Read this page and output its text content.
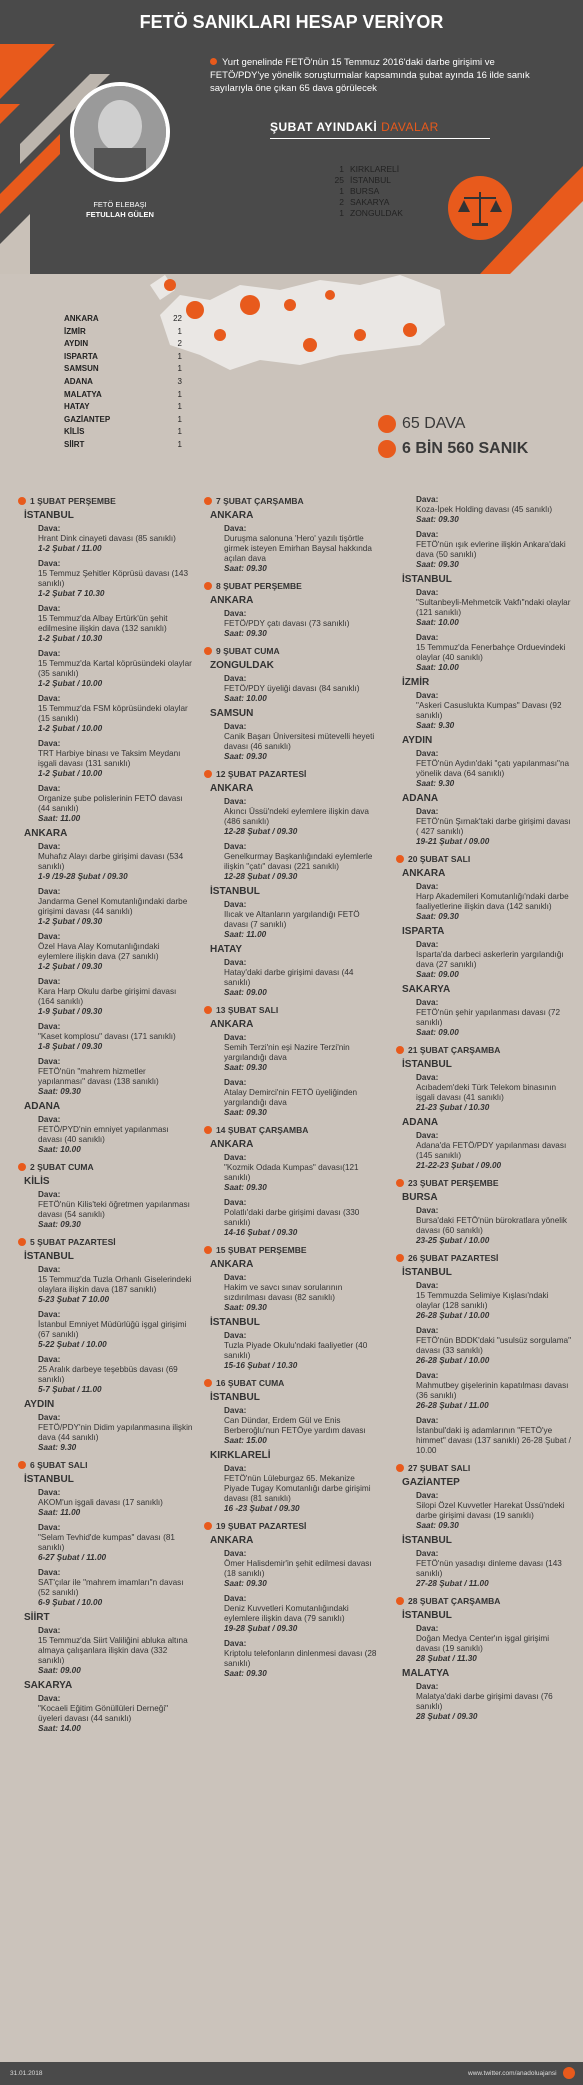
FETÖ SANIKLARI HESAP VERİYOR
Yurt genelinde FETÖ'nün 15 Temmuz 2016'daki darbe girişimi ve FETÖ/PDY'ye yönelik soruşturmalar kapsamında şubat ayında 16 ilde sanık sayılarıyla öne çıkan 65 dava görülecek
FETÖ ELEBAŞI
FETULLAH GÜLEN
ŞUBAT AYINDAKİ DAVALAR
1 KIRKLARELİ
25 İSTANBUL
1 BURSA
2 SAKARYA
1 ZONGULDAK
ANKARA	22
İZMİR	1
AYDIN	2
ISPARTA	1
SAMSUN	1
ADANA	3
MALATYA	1
HATAY	1
GAZİANTEP	1
KİLİS	1
SİİRT	1
65 DAVA
6 BİN 560 SANIK
1 ŞUBAT PERŞEMBE
İSTANBUL
Dava:
Hrant Dink cinayeti davası (85 sanıklı)
1-2 Şubat / 11.00
Dava:
15 Temmuz Şehitler Köprüsü davası (143 sanıklı)
1-2 Şubat 7 10.30
Dava:
15 Temmuz'da Albay Ertürk'ün şehit edilmesine ilişkin dava (132 sanıklı)
1-2 Şubat / 10.30
Dava:
15 Temmuz'da Kartal köprüsündeki olaylar (35 sanıklı)
1-2 Şubat / 10.00
Dava:
15 Temmuz'da FSM köprüsündeki olaylar (15 sanıklı)
1-2 Şubat / 10.00
Dava:
TRT Harbiye binası ve Taksim Meydanı işgali davası (131 sanıklı)
1-2 Şubat / 10.00
Dava:
Organize şube polislerinin FETÖ davası (44 sanıklı)
Saat: 11.00
ANKARA
Dava:
Muhafız Alayı darbe girişimi davası (534 sanıklı)
1-9 /19-28 Şubat / 09.30
Dava:
Jandarma Genel Komutanlığındaki darbe girişimi davası (44 sanıklı)
1-2 Şubat / 09.30
Dava:
Özel Hava Alay Komutanlığındaki eylemlere ilişkin dava (27 sanıklı)
1-2 Şubat / 09.30
Dava:
Kara Harp Okulu darbe girişimi davası (164 sanıklı)
1-9 Şubat / 09.30
Dava:
"Kaset komplosu" davası (171 sanıklı)
1-8 Şubat / 09.30
Dava:
FETÖ'nün "mahrem hizmetler yapılanması" davası (138 sanıklı)
Saat: 09.30
ADANA
Dava:
FETÖ/PYD'nin emniyet yapılanması davası (40 sanıklı)
Saat: 10.00
2 ŞUBAT CUMA
KİLİS
Dava:
FETÖ'nün Kilis'teki öğretmen yapılanması davası (54 sanıklı)
Saat: 09.30
5 ŞUBAT PAZARTESİ
İSTANBUL
Dava:
15 Temmuz'da Tuzla Orhanlı Giselerindeki olaylara ilişkin dava (187 sanıklı)
5-23 Şubat 7 10.00
Dava:
İstanbul Emniyet Müdürlüğü işgal girişimi (67 sanıklı)
5-22 Şubat / 10.00
Dava:
25 Aralık darbeye teşebbüs davası (69 sanıklı)
5-7 Şubat / 11.00
AYDIN
Dava:
FETÖ/PDY'nin Didim yapılanmasına ilişkin dava (44 sanıklı)
Saat: 9.30
6 ŞUBAT SALI
İSTANBUL
Dava:
AKOM'un işgali davası (17 sanıklı)
Saat: 11.00
Dava:
"Selam Tevhid'de kumpas" davası (81 sanıklı)
6-27 Şubat / 11.00
Dava:
SAT'çılar ile "mahrem imamları"n davası (52 sanıklı)
6-9 Şubat / 10.00
SİİRT
Dava:
15 Temmuz'da Siirt Valiliğini abluka altına almaya çalışanlara ilişkin dava (332 sanıklı)
Saat: 09.00
SAKARYA
Dava:
"Kocaeli Eğitim Gönüllüleri Derneği" üyeleri davası (44 sanıklı)
Saat: 14.00
7 ŞUBAT ÇARŞAMBA
ANKARA
Dava:
Duruşma salonuna 'Hero' yazılı tişörtle girmek isteyen Emirhan Baysal hakkında açılan dava
Saat: 09.30
8 ŞUBAT PERŞEMBE
ANKARA
Dava:
FETÖ/PDY çatı davası (73 sanıklı)
Saat: 09.30
9 ŞUBAT CUMA
ZONGULDAK
Dava:
FETÖ/PDY üyeliği davası (84 sanıklı)
Saat: 10.00
SAMSUN
Dava:
Canik Başarı Üniversitesi mütevelli heyeti davası (46 sanıklı)
Saat: 09.30
12 ŞUBAT PAZARTESİ
ANKARA
Dava:
Akıncı Üssü'ndeki eylemlere ilişkin dava (486 sanıklı)
12-28 Şubat / 09.30
Dava:
Genelkurmay Başkanlığındaki eylemlerle ilişkin "çatı" davası (221 sanıklı)
12-28 Şubat / 09.30
İSTANBUL
Dava:
Ilıcak ve Altanların yargılandığı FETÖ davası (7 sanıklı)
Saat: 11.00
HATAY
Dava:
Hatay'daki darbe girişimi davası (44 sanıklı)
Saat: 09.00
13 ŞUBAT SALI
ANKARA
Dava:
Semih Terzi'nin eşi Nazire Terzi'nin yargılandığı dava
Saat: 09.30
Dava:
Atalay Demirci'nin FETÖ üyeliğinden yargılandığı dava
Saat: 09.30
14 ŞUBAT ÇARŞAMBA
ANKARA
Dava:
"Kozmik Odada Kumpas" davası(121 sanıklı)
Saat: 09.30
Dava:
Polatlı'daki darbe girişimi davası (330 sanıklı)
14-16 Şubat / 09.30
15 ŞUBAT PERŞEMBE
ANKARA
Dava:
Hakim ve savcı sınav sorularının sızdırılması davası (82 sanıklı)
Saat: 09.30
İSTANBUL
Dava:
Tuzla Piyade Okulu'ndaki faaliyetler (40 sanıklı)
15-16 Şubat / 10.30
16 ŞUBAT CUMA
İSTANBUL
Dava:
Can Dündar, Erdem Gül ve Enis Berberoğlu'nun FETÖye yardım davası
Saat: 15.00
KIRKLARELİ
Dava:
FETÖ'nün Lüleburgaz 65. Mekanize Piyade Tugay Komutanlığı darbe girişimi davası (81 sanıklı)
16 -23 Şubat / 09.30
19 ŞUBAT PAZARTESİ
ANKARA
Dava:
Ömer Halisdemir'in şehit edilmesi davası (18 sanıklı)
Saat: 09.30
Dava:
Deniz Kuvvetleri Komutanlığındaki eylemlere ilişkin dava (79 sanıklı)
19-28 Şubat / 09.30
Dava:
Kriptolu telefonların dinlenmesi davası (28 sanıklı)
Saat: 09.30
Dava:
Koza-İpek Holding davası (45 sanıklı)
Saat: 09.30
Dava:
FETÖ'nün ışık evlerine ilişkin Ankara'daki dava (50 sanıklı)
Saat: 09.30
İSTANBUL
Dava:
"Sultanbeyli-Mehmetcik Vakfı"ndaki olaylar (121 sanıklı)
Saat: 10.00
Dava:
15 Temmuz'da Fenerbahçe Orduevindeki olaylar (40 sanıklı)
Saat: 10.00
İZMİR
Dava:
"Askeri Casuslukta Kumpas" Davası (92 sanıklı)
Saat: 9.30
AYDIN
Dava:
FETÖ'nün Aydın'daki "çatı yapılanması"na yönelik dava (64 sanıklı)
Saat: 9.30
ADANA
Dava:
FETÖ'nün Şırnak'taki darbe girişimi davası ( 427 sanıklı)
19-21 Şubat / 09.00
20 ŞUBAT SALI
ANKARA
Dava:
Harp Akademileri Komutanlığı'ndaki darbe faaliyetlerine ilişkin dava (142 sanıklı)
Saat: 09.30
ISPARTA
Dava:
Isparta'da darbeci askerlerin yargılandığı dava (27 sanıklı)
Saat: 09.00
SAKARYA
Dava:
FETÖ'nün şehir yapılanması davası (72 sanıklı)
Saat: 09.00
21 ŞUBAT ÇARŞAMBA
İSTANBUL
Dava:
Acıbadem'deki Türk Telekom binasının işgali davası (41 sanıklı)
21-23 Şubat / 10.30
ADANA
Dava:
Adana'da FETÖ/PDY yapılanması davası (145 sanıklı)
21-22-23 Şubat / 09.00
23 ŞUBAT PERŞEMBE
BURSA
Dava:
Bursa'daki FETÖ'nün bürokratlara yönelik davası (60 sanıklı)
23-25 Şubat / 10.00
26 ŞUBAT PAZARTESİ
İSTANBUL
Dava:
15 Temmuzda Selimiye Kışlası'ndaki olaylar (128 sanıklı)
26-28 Şubat / 10.00
Dava:
FETÖ'nün BDDK'daki "usulsüz sorgulama" davası (33 sanıklı)
26-28 Şubat / 10.00
Dava:
Mahmutbey gişelerinin kapatılması davası (36 sanıklı)
26-28 Şubat / 11.00
Dava:
İstanbul'daki iş adamlarının "FETÖ'ye himmet" davası (137 sanıklı) 26-28 Şubat / 10.00
27 ŞUBAT SALI
GAZİANTEP
Dava:
Silopi Özel Kuvvetler Harekat Üssü'ndeki darbe girişimi davası (19 sanıklı)
Saat: 09.30
İSTANBUL
Dava:
FETÖ'nün yasadışı dinleme davası (143 sanıklı)
27-28 Şubat / 11.00
28 ŞUBAT ÇARŞAMBA
İSTANBUL
Dava:
Doğan Medya Center'ın işgal girişimi davası (19 sanıklı)
28 Şubat / 11.30
MALATYA
Dava:
Malatya'daki darbe girişimi davası (76 sanıklı)
28 Şubat / 09.30
31.01.2018	www.twitter.com/anadoluajansi
